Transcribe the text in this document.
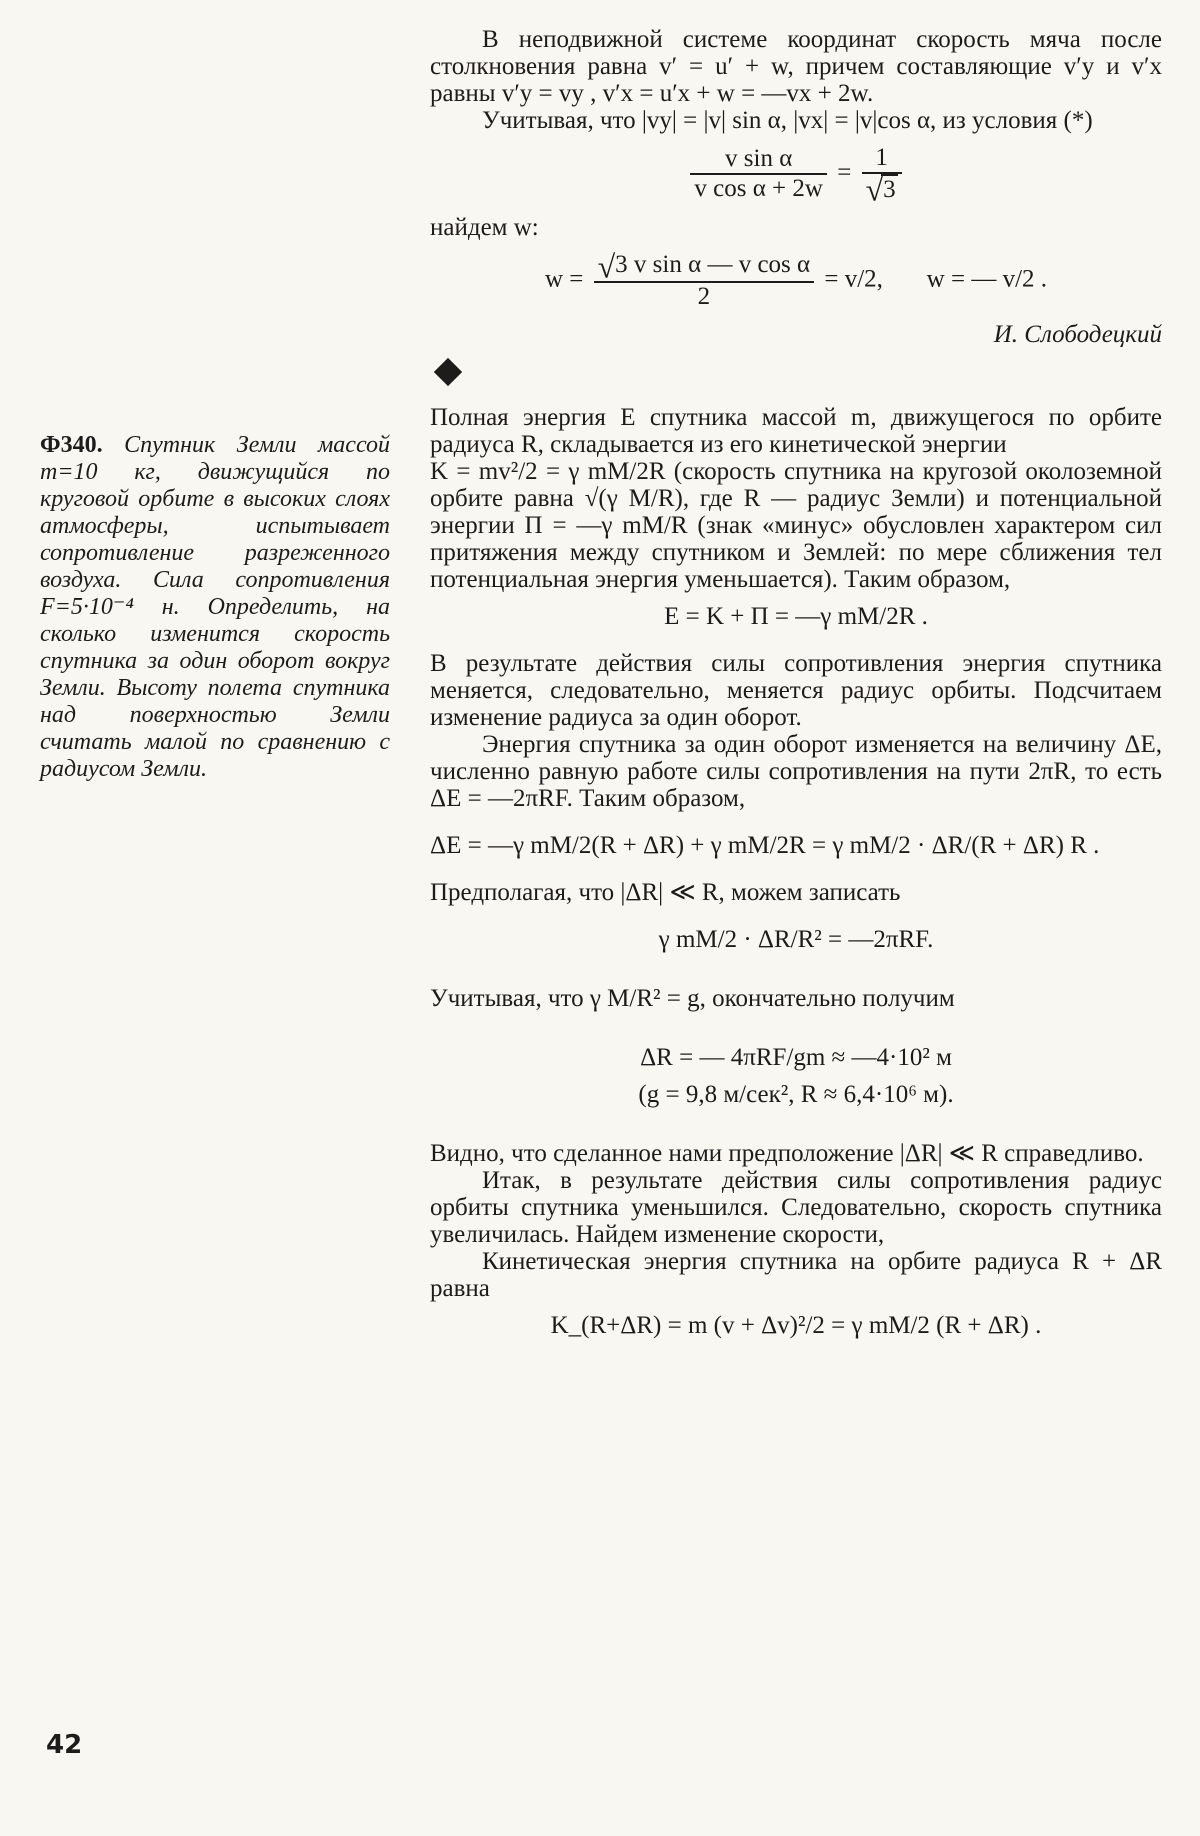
Ф340. Спутник Земли массой m=10 кг, движущийся по круговой орбите в высоких слоях атмосферы, испытывает сопротивление разреженного воздуха. Сила сопротивления F=5·10⁻⁴ н. Определить, на сколько изменится скорость спутника за один оборот вокруг Земли. Высоту полета спутника над поверхностью Земли считать малой по сравнению с радиусом Земли.

В неподвижной системе координат скорость мяча после столкновения равна v′ = u′ + w, причем составляющие v′y и v′x равны v′y = vy , v′x = u′x + w = —vx + 2w.

Учитывая, что |vy| = |v| sin α, |vx| = |v|cos α, из условия (*)

$\frac{\text{v sin α}}{\text{v cos α + 2w}} = \frac{1}{√3}$

найдем w:

$w = \frac{\text{√3 v sin α — v cos α}}{2} = v/2$, w = — v/2 .

И. Слободецкий

Полная энергия E спутника массой m, движущегося по орбите радиуса R, складывается из его кинетической энергии

K = mv²/2 = γ mM/2R (скорость спутника на кругозой околоземной орбите равна √(γ M/R), где R — радиус Земли) и потенциальной энергии П = —γ mM/R (знак «минус» обусловлен характером сил притяжения между спутником и Землей: по мере сближения тел потенциальная энергия уменьшается). Таким образом,

E = K + П = —γ mM/2R .

В результате действия силы сопротивления энергия спутника меняется, следовательно, меняется радиус орбиты. Подсчитаем изменение радиуса за один оборот.

Энергия спутника за один оборот изменяется на величину ΔE, численно равную работе силы сопротивления на пути 2πR, то есть ΔE = —2πRF. Таким образом,

ΔE = —γ mM/2(R + ΔR) + γ mM/2R = γ mM/2 · ΔR/(R + ΔR) R .

Предполагая, что |ΔR| ≪ R, можем записать

γ mM/2 · ΔR/R² = —2πRF.

Учитывая, что γ M/R² = g, окончательно получим

ΔR = — 4πRF/gm ≈ —4·10² м
(g = 9,8 м/сек², R ≈ 6,4·10⁶ м).

Видно, что сделанное нами предположение |ΔR| ≪ R справедливо.

Итак, в результате действия силы сопротивления радиус орбиты спутника уменьшился. Следовательно, скорость спутника увеличилась. Найдем изменение скорости,

Кинетическая энергия спутника на орбите радиуса R + ΔR равна

K_(R+ΔR) = m (v + Δv)²/2 = γ mM/2 (R + ΔR) .
42
